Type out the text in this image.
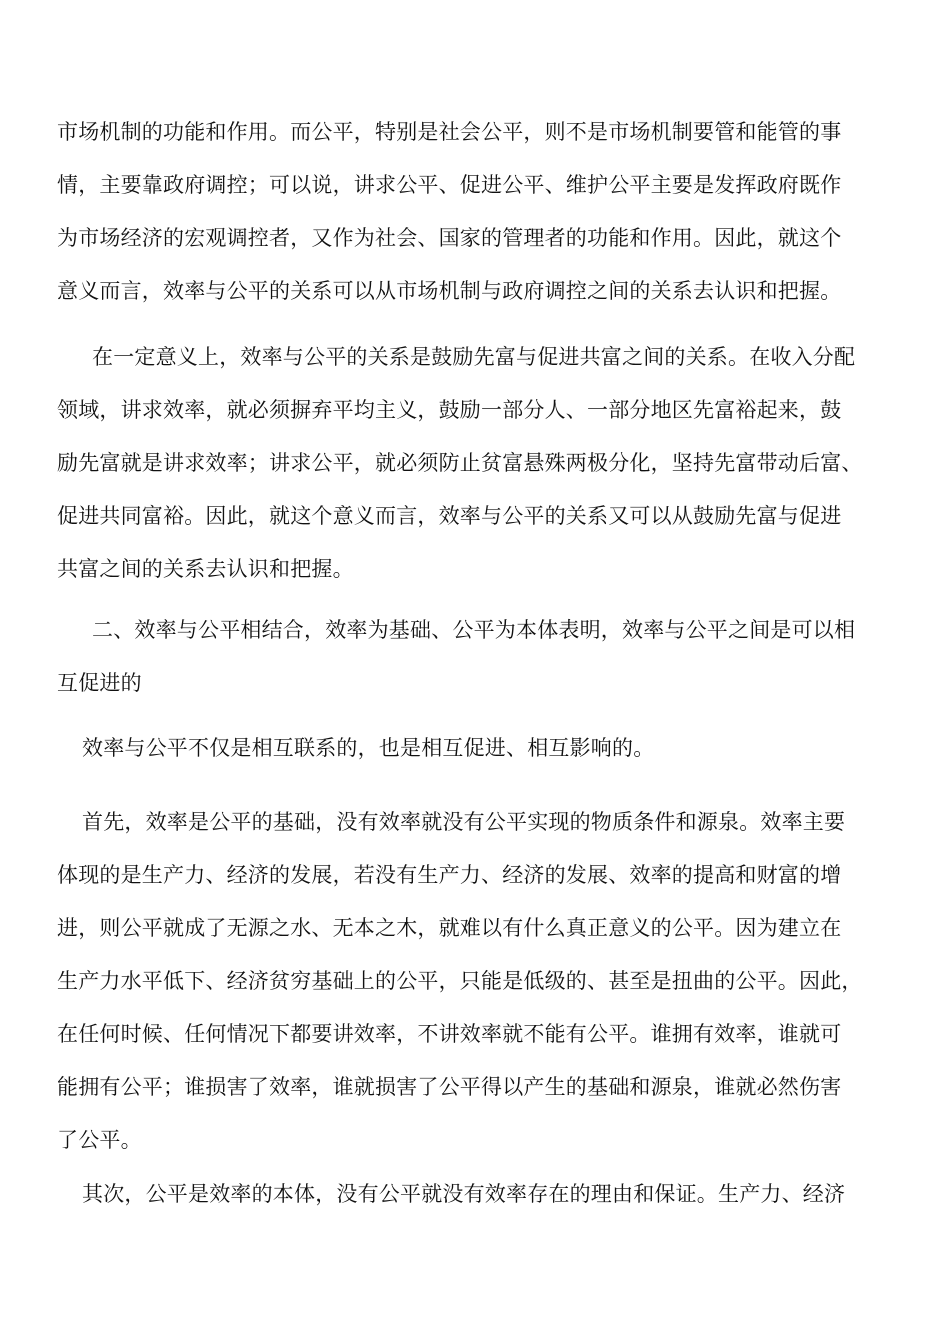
市场机制的功能和作用。而公平，特别是社会公平，则不是市场机制要管和能管的事
情，主要靠政府调控；可以说，讲求公平、促进公平、维护公平主要是发挥政府既作
为市场经济的宏观调控者，又作为社会、国家的管理者的功能和作用。因此，就这个
意义而言，效率与公平的关系可以从市场机制与政府调控之间的关系去认识和把握。
在一定意义上，效率与公平的关系是鼓励先富与促进共富之间的关系。在收入分配
领域，讲求效率，就必须摒弃平均主义，鼓励一部分人、一部分地区先富裕起来，鼓
励先富就是讲求效率；讲求公平，就必须防止贫富悬殊两极分化，坚持先富带动后富、
促进共同富裕。因此，就这个意义而言，效率与公平的关系又可以从鼓励先富与促进
共富之间的关系去认识和把握。
二、效率与公平相结合，效率为基础、公平为本体表明，效率与公平之间是可以相
互促进的
效率与公平不仅是相互联系的，也是相互促进、相互影响的。
首先，效率是公平的基础，没有效率就没有公平实现的物质条件和源泉。效率主要
体现的是生产力、经济的发展，若没有生产力、经济的发展、效率的提高和财富的增
进，则公平就成了无源之水、无本之木，就难以有什么真正意义的公平。因为建立在
生产力水平低下、经济贫穷基础上的公平，只能是低级的、甚至是扭曲的公平。因此，
在任何时候、任何情况下都要讲效率，不讲效率就不能有公平。谁拥有效率，谁就可
能拥有公平；谁损害了效率，谁就损害了公平得以产生的基础和源泉，谁就必然伤害
了公平。
其次，公平是效率的本体，没有公平就没有效率存在的理由和保证。生产力、经济
